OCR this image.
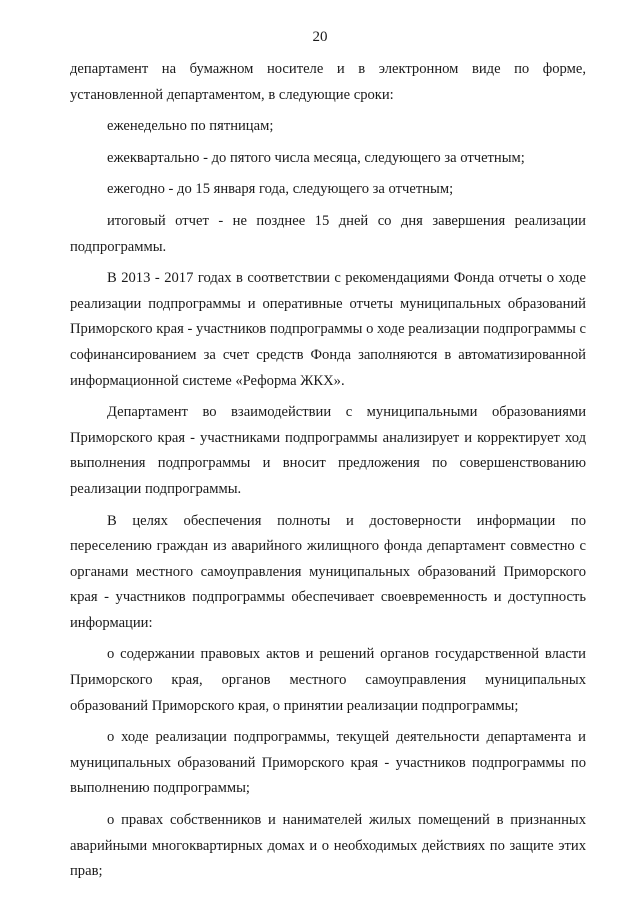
20

департамент на бумажном носителе и в электронном виде по форме, установленной департаментом, в следующие сроки:

еженедельно по пятницам;

ежеквартально - до пятого числа месяца, следующего за отчетным;

ежегодно - до 15 января года, следующего за отчетным;

итоговый отчет - не позднее 15 дней со дня завершения реализации подпрограммы.

В 2013 - 2017 годах в соответствии с рекомендациями Фонда отчеты о ходе реализации подпрограммы и оперативные отчеты муниципальных образований Приморского края - участников подпрограммы о ходе реализации подпрограммы с софинансированием за счет средств Фонда заполняются в автоматизированной информационной системе «Реформа ЖКХ».

Департамент во взаимодействии с муниципальными образованиями Приморского края - участниками подпрограммы анализирует и корректирует ход выполнения подпрограммы и вносит предложения по совершенствованию реализации подпрограммы.

В целях обеспечения полноты и достоверности информации по переселению граждан из аварийного жилищного фонда департамент совместно с органами местного самоуправления муниципальных образований Приморского края - участников подпрограммы обеспечивает своевременность и доступность информации:

о содержании правовых актов и решений органов государственной власти Приморского края, органов местного самоуправления муниципальных образований Приморского края, о принятии реализации подпрограммы;

о ходе реализации подпрограммы, текущей деятельности департамента и муниципальных образований Приморского края - участников подпрограммы по выполнению подпрограммы;

о правах собственников и нанимателей жилых помещений в признанных аварийными многоквартирных домах и о необходимых действиях по защите этих прав;
